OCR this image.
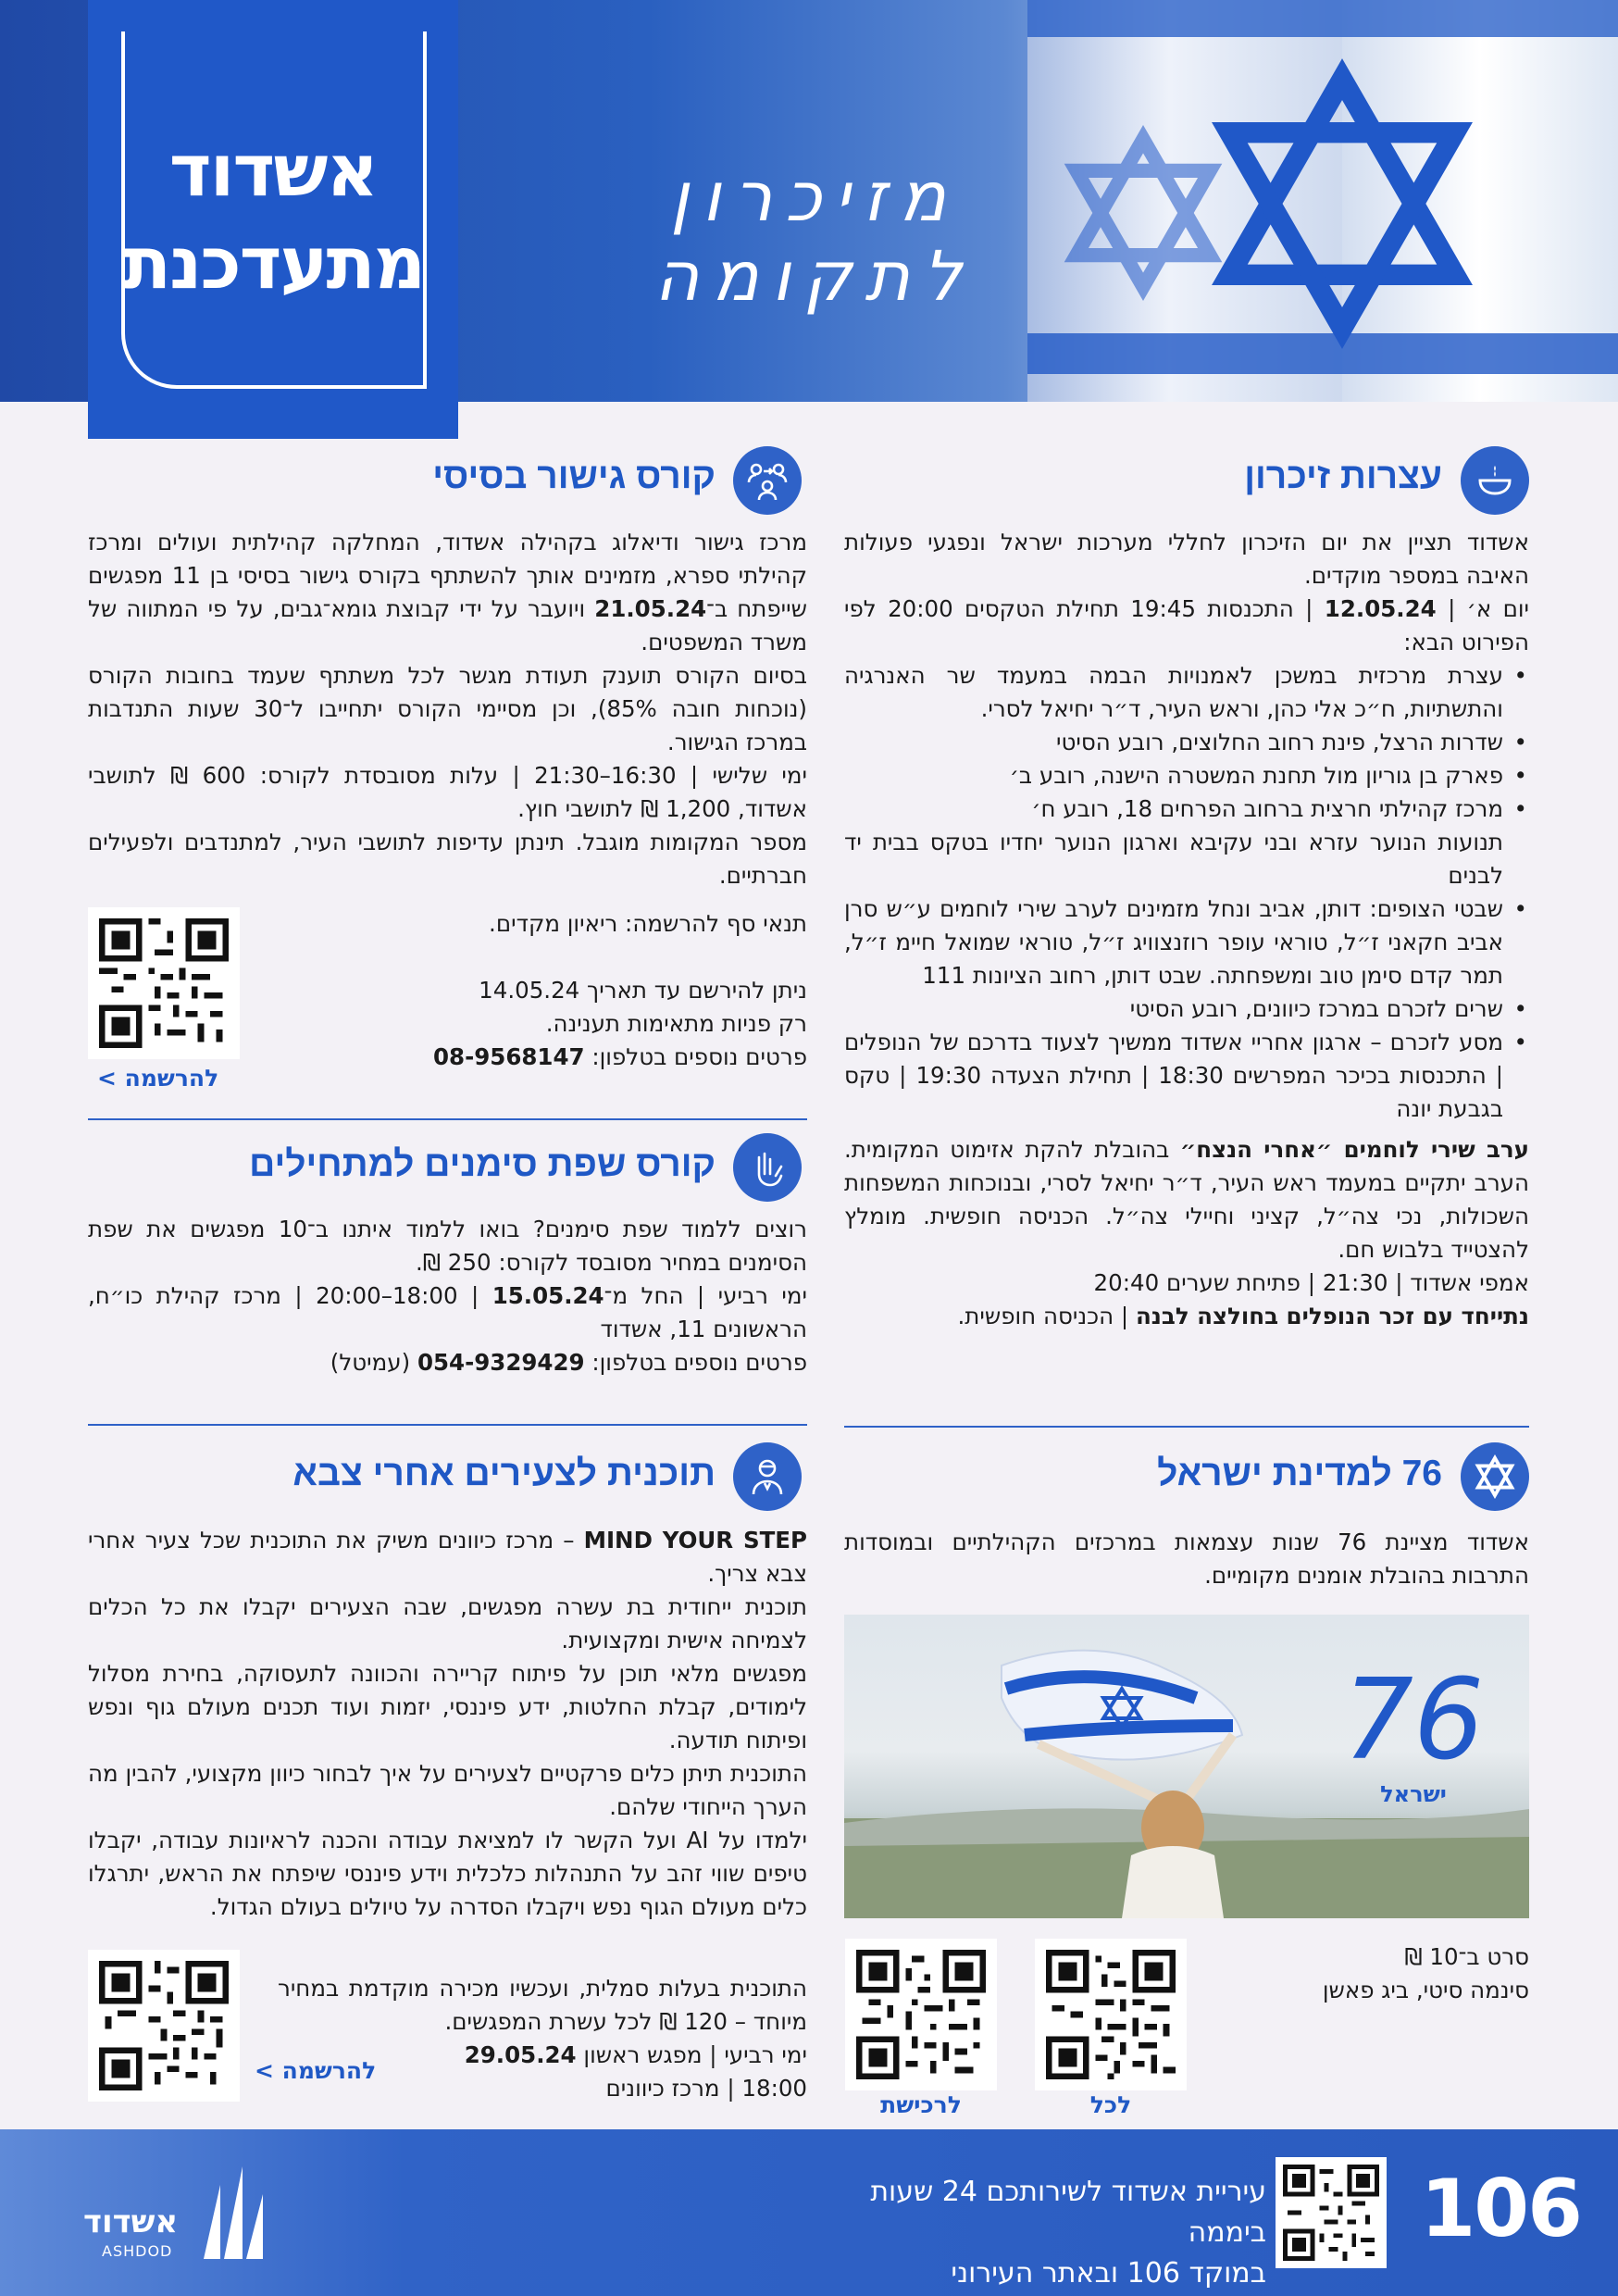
מזיכרון לתקומה
אשדוד
מתעדכנת
עצרות זיכרון

אשדוד תציין את יום הזיכרון לחללי מערכות ישראל ונפגעי פעולות האיבה במספר מוקדים.

יום א׳ | 12.05.24 | התכנסות 19:45 תחילת הטקסים 20:00 לפי הפירוט הבא:

• עצרת מרכזית במשכן לאמנויות הבמה במעמד שר האנרגיה והתשתיות, ח״כ אלי כהן, וראש העיר, ד״ר יחיאל לסרי.

• שדרות הרצל, פינת רחוב החלוצים, רובע הסיטי

• פארק בן גוריון מול תחנת המשטרה הישנה, רובע ב׳

• מרכז קהילתי חרצית ברחוב הפרחים 18, רובע ח׳
תנועות הנוער עזרא ובני עקיבא וארגון הנוער יחדיו בטקס בבית יד לבנים

• שבטי הצופים: דותן, אביב ונחל מזמינים לערב שירי לוחמים ע״ש סרן אביב חקאני ז״ל, טוראי עופר רוזנצוויג ז״ל, טוראי שמואל חיימ ז״ל, תמר קדם סימן טוב ומשפחתה. שבט דותן, רחוב הציונות 111

• שרים לזכרם במרכז כיוונים, רובע הסיטי

• מסע לזכרם – ארגון אחריי אשדוד ממשיך לצעוד בדרכם של הנופלים | התכנסות בכיכר המפרשים 18:30 | תחילת הצעדה 19:30 | טקס בגבעת יונה

ערב שירי לוחמים ״אחרי הנצח״ בהובלת להקת אזימוט המקומית. הערב יתקיים במעמד ראש העיר, ד״ר יחיאל לסרי, ובנוכחות המשפחות השכולות, נכי צה״ל, קציני וחיילי צה״ל. הכניסה חופשית. מומלץ להצטייד בלבוש חם.

אמפי אשדוד | 21:30 | פתיחת שערים 20:40

נתייחד עם זכר הנופלים בחולצה לבנה | הכניסה חופשית.

76 למדינת ישראל
אשדוד מציינת 76 שנות עצמאות במרכזים הקהילתיים ובמוסדות התרבות בהובלת אומנים מקומיים.
76
ישראל

סרט ב־10 ₪

סינמה סיטי, ביג פאשן

לכל
לרכישת
קורס גישור בסיסי

מרכז גישור ודיאלוג בקהילה אשדוד, המחלקה קהילתית ועולים ומרכז קהילתי ספרא, מזמינים אותך להשתתף בקורס גישור בסיסי בן 11 מפגשים שייפתח ב־21.05.24 ויועבר על ידי קבוצת גומא־גבים, על פי המתווה של משרד המשפטים.

בסיום הקורס תוענק תעודת מגשר לכל משתתף שעמד בחובות הקורס (נוכחות חובה 85%), וכן מסיימי הקורס יתחייבו ל־30 שעות התנדבות במרכז הגישור.

ימי שלישי | 16:30–21:30 | עלות מסובסדת לקורס: 600 ₪ לתושבי אשדוד, 1,200 ₪ לתושבי חוץ.

מספר המקומות מוגבל. תינתן עדיפות לתושבי העיר, למתנדבים ולפעילים חברתיים.

תנאי סף להרשמה: ריאיון מקדים.

ניתן להירשם עד תאריך 14.05.24

רק פניות מתאימות תענינה.

פרטים נוספים בטלפון: 08-9568147

להרשמה >
קורס שפת סימנים למתחילים

רוצים ללמוד שפת סימנים? בואו ללמוד איתנו ב־10 מפגשים את שפת הסימנים במחיר מסובסד לקורס: 250 ₪.

ימי רביעי | החל מ־15.05.24 | 18:00–20:00 | מרכז קהילת כו״ח, הראשונים 11, אשדוד

פרטים נוספים בטלפון: 054-9329429 (עמיטל)

תוכנית לצעירים אחרי צבא

MIND YOUR STEP – מרכז כיוונים משיק את התוכנית שכל צעיר אחרי צבא צריך.

תוכנית ייחודית בת עשרה מפגשים, שבה הצעירים יקבלו את כל הכלים לצמיחה אישית ומקצועית.

מפגשים מלאי תוכן על פיתוח קריירה והכוונה לתעסוקה, בחירת מסלול לימודים, קבלת החלטות, ידע פיננסי, יזמות ועוד תכנים מעולם גוף ונפש ופיתוח תודעה.

התוכנית תיתן כלים פרקטיים לצעירים על איך לבחור כיוון מקצועי, להבין מה הערך הייחודי שלהם.

ילמדו על AI ועל הקשר לו למציאת עבודה והכנה לראיונות עבודה, יקבלו טיפים שווי זהב על התנהלות כלכלית וידע פיננסי שיפתח את הראש, יתרגלו כלים מעולם הגוף נפש ויקבלו הסדרה על טיולים בעולם הגדול.

התוכנית בעלות סמלית, ועכשיו מכירה מוקדמת במחיר מיוחד – 120 ₪ לכל עשרת המפגשים.

ימי רביעי | מפגש ראשון 29.05.24

18:00 | מרכז כיוונים

להרשמה >
106
עיריית אשדוד לשירותכם 24 שעות ביממה
במוקד 106 ובאתר העירוני
אשדוד
ASHDOD
